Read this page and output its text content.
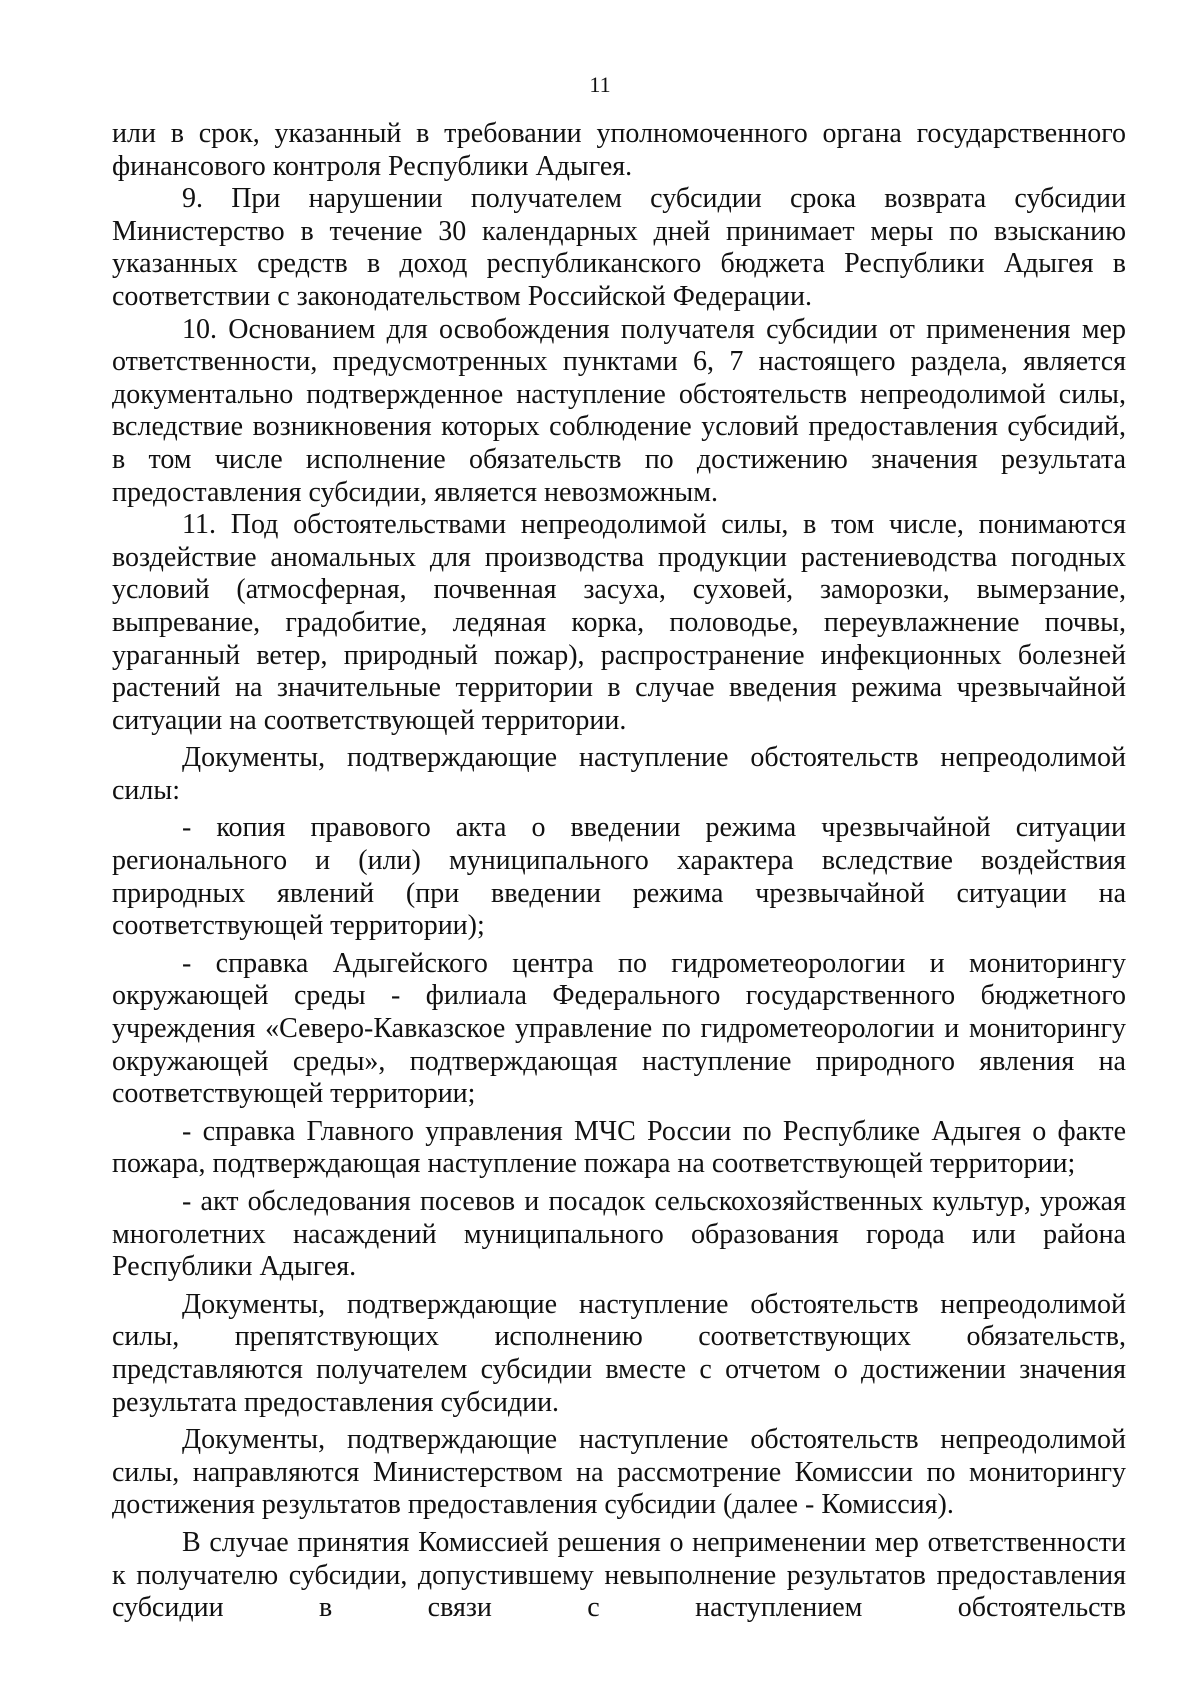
11

или в срок, указанный в требовании уполномоченного органа государственного финансового контроля Республики Адыгея.

9. При нарушении получателем субсидии срока возврата субсидии Министерство в течение 30 календарных дней принимает меры по взысканию указанных средств в доход республиканского бюджета Республики Адыгея в соответствии с законодательством Российской Федерации.

10. Основанием для освобождения получателя субсидии от применения мер ответственности, предусмотренных пунктами 6, 7 настоящего раздела, является документально подтвержденное наступление обстоятельств непреодолимой силы, вследствие возникновения которых соблюдение условий предоставления субсидий, в том числе исполнение обязательств по достижению значения результата предоставления субсидии, является невозможным.

11. Под обстоятельствами непреодолимой силы, в том числе, понимаются воздействие аномальных для производства продукции растениеводства погодных условий (атмосферная, почвенная засуха, суховей, заморозки, вымерзание, выпревание, градобитие, ледяная корка, половодье, переувлажнение почвы, ураганный ветер, природный пожар), распространение инфекционных болезней растений на значительные территории в случае введения режима чрезвычайной ситуации на соответствующей территории.

Документы, подтверждающие наступление обстоятельств непреодолимой силы:

- копия правового акта о введении режима чрезвычайной ситуации регионального и (или) муниципального характера вследствие воздействия природных явлений (при введении режима чрезвычайной ситуации на соответствующей территории);

- справка Адыгейского центра по гидрометеорологии и мониторингу окружающей среды - филиала Федерального государственного бюджетного учреждения «Северо-Кавказское управление по гидрометеорологии и мониторингу окружающей среды», подтверждающая наступление природного явления на соответствующей территории;

- справка Главного управления МЧС России по Республике Адыгея о факте пожара, подтверждающая наступление пожара на соответствующей территории;

- акт обследования посевов и посадок сельскохозяйственных культур, урожая многолетних насаждений муниципального образования города или района Республики Адыгея.

Документы, подтверждающие наступление обстоятельств непреодолимой силы, препятствующих исполнению соответствующих обязательств, представляются получателем субсидии вместе с отчетом о достижении значения результата предоставления субсидии.

Документы, подтверждающие наступление обстоятельств непреодолимой силы, направляются Министерством на рассмотрение Комиссии по мониторингу достижения результатов предоставления субсидии (далее - Комиссия).

В случае принятия Комиссией решения о неприменении мер ответственности к получателю субсидии, допустившему невыполнение результатов предоставления субсидии в связи с наступлением обстоятельств
